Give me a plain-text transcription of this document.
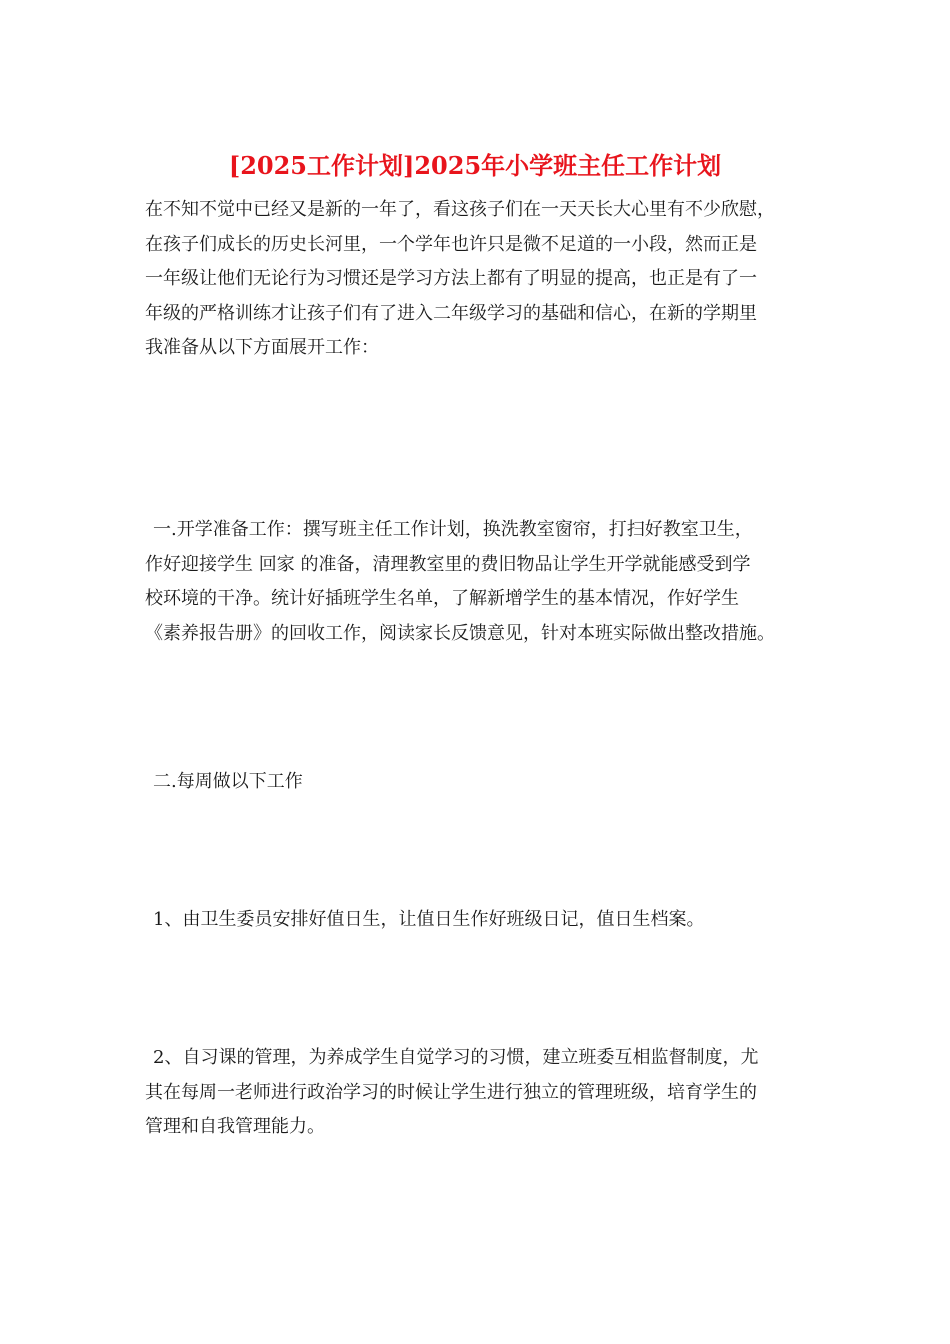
[2025工作计划]2025年小学班主任工作计划
在不知不觉中已经又是新的一年了，看这孩子们在一天天长大心里有不少欣慰，
在孩子们成长的历史长河里，一个学年也许只是微不足道的一小段，然而正是
一年级让他们无论行为习惯还是学习方法上都有了明显的提高，也正是有了一
年级的严格训练才让孩子们有了进入二年级学习的基础和信心，在新的学期里
我准备从以下方面展开工作：
一.开学准备工作：撰写班主任工作计划，换洗教室窗帘，打扫好教室卫生，
作好迎接学生 回家 的准备，清理教室里的费旧物品让学生开学就能感受到学
校环境的干净。统计好插班学生名单，了解新增学生的基本情况，作好学生
《素养报告册》的回收工作，阅读家长反馈意见，针对本班实际做出整改措施。
二.每周做以下工作
1、由卫生委员安排好值日生，让值日生作好班级日记，值日生档案。
2、自习课的管理，为养成学生自觉学习的习惯，建立班委互相监督制度，尤
其在每周一老师进行政治学习的时候让学生进行独立的管理班级，培育学生的
管理和自我管理能力。
